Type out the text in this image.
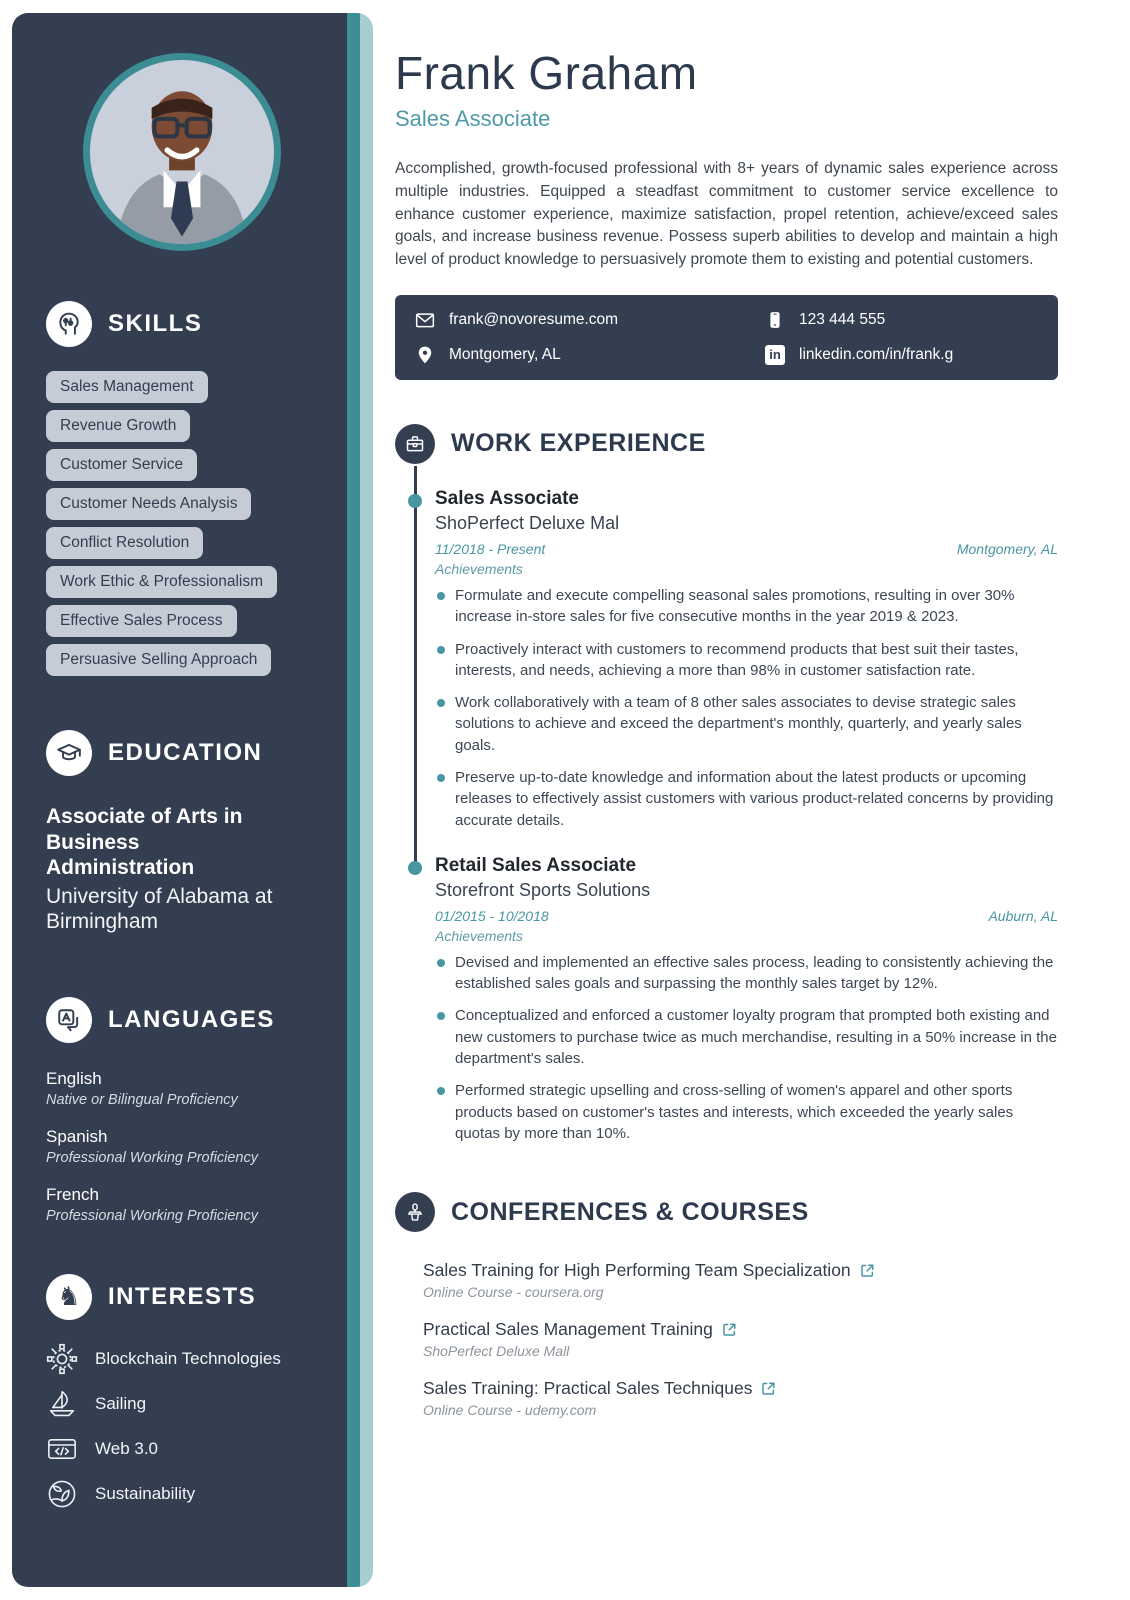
SKILLS
Sales Management
Revenue Growth
Customer Service
Customer Needs Analysis
Conflict Resolution
Work Ethic & Professionalism
Effective Sales Process
Persuasive Selling Approach
EDUCATION
Associate of Arts in Business Administration
University of Alabama at Birmingham
LANGUAGES
English
Native or Bilingual Proficiency
Spanish
Professional Working Proficiency
French
Professional Working Proficiency
♞ INTERESTS
Blockchain Technologies
Sailing
Web 3.0
Sustainability
Frank Graham
Sales Associate
Accomplished, growth-focused professional with 8+ years of dynamic sales experience across multiple industries. Equipped a steadfast commitment to customer service excellence to enhance customer experience, maximize satisfaction, propel retention, achieve/exceed sales goals, and increase business revenue. Possess superb abilities to develop and maintain a high level of product knowledge to persuasively promote them to existing and potential customers.
frank@novoresume.com	123 444 555
Montgomery, AL	in linkedin.com/in/frank.g
WORK EXPERIENCE
Sales Associate
ShoPerfect Deluxe Mal
11/2018 - Present	Montgomery, AL
Achievements
Formulate and execute compelling seasonal sales promotions, resulting in over 30% increase in-store sales for five consecutive months in the year 2019 & 2023.
Proactively interact with customers to recommend products that best suit their tastes, interests, and needs, achieving a more than 98% in customer satisfaction rate.
Work collaboratively with a team of 8 other sales associates to devise strategic sales solutions to achieve and exceed the department's monthly, quarterly, and yearly sales goals.
Preserve up-to-date knowledge and information about the latest products or upcoming releases to effectively assist customers with various product-related concerns by providing accurate details.
Retail Sales Associate
Storefront Sports Solutions
01/2015 - 10/2018	Auburn, AL
Achievements
Devised and implemented an effective sales process, leading to consistently achieving the established sales goals and surpassing the monthly sales target by 12%.
Conceptualized and enforced a customer loyalty program that prompted both existing and new customers to purchase twice as much merchandise, resulting in a 50% increase in the department's sales.
Performed strategic upselling and cross-selling of women's apparel and other sports products based on customer's tastes and interests, which exceeded the yearly sales quotas by more than 10%.
CONFERENCES & COURSES
Sales Training for High Performing Team Specialization
Online Course - coursera.org
Practical Sales Management Training
ShoPerfect Deluxe Mall
Sales Training: Practical Sales Techniques
Online Course - udemy.com
